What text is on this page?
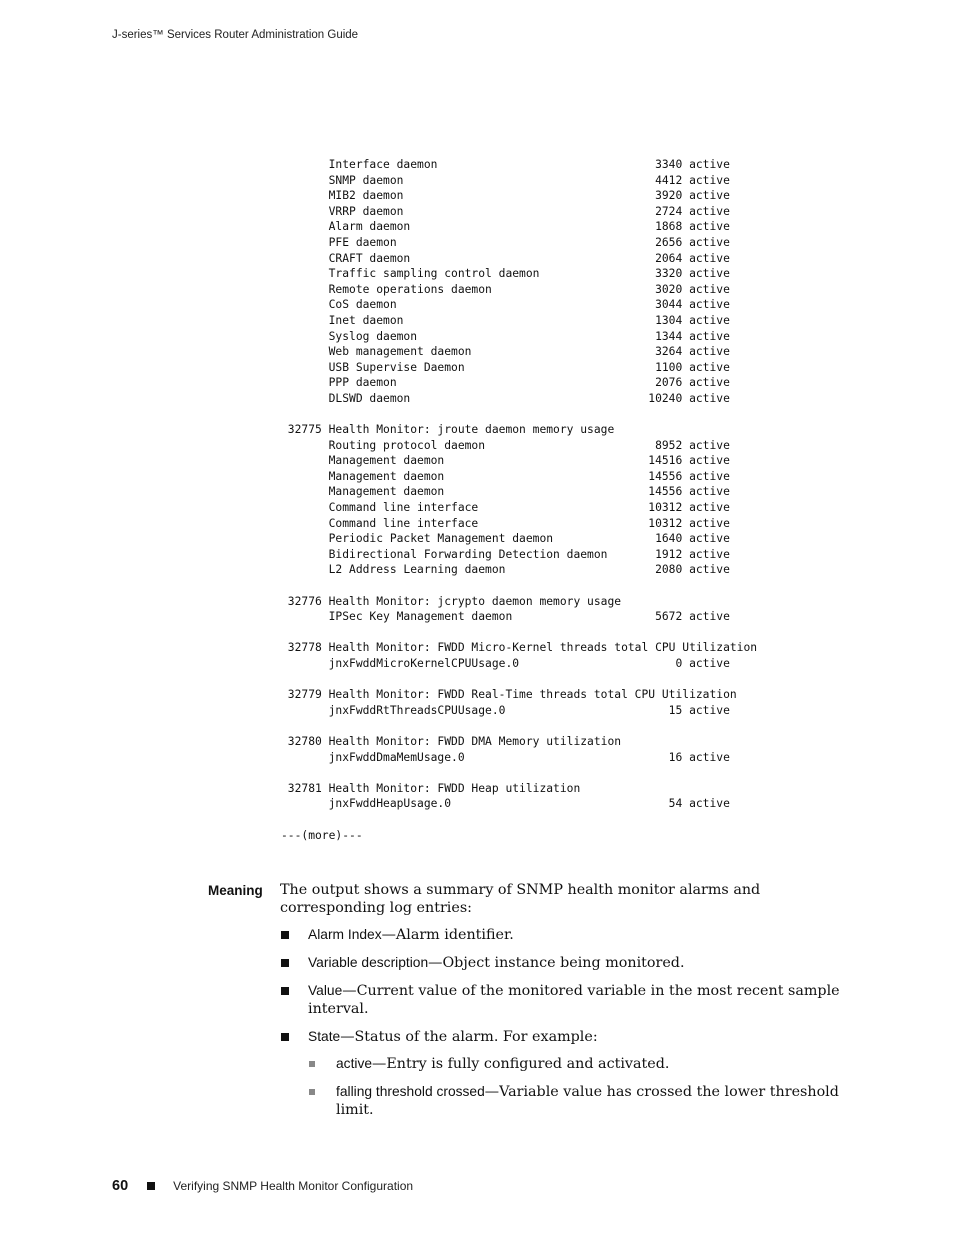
J-series™ Services Router Administration Guide
Interface daemon                                3340 active
SNMP daemon                                     4412 active
MIB2 daemon                                     3920 active
VRRP daemon                                     2724 active
Alarm daemon                                    1868 active
PFE daemon                                      2656 active
CRAFT daemon                                    2064 active
Traffic sampling control daemon                 3320 active
Remote operations daemon                        3020 active
CoS daemon                                      3044 active
Inet daemon                                     1304 active
Syslog daemon                                   1344 active
Web management daemon                           3264 active
USB Supervise Daemon                            1100 active
PPP daemon                                      2076 active
DLSWD daemon                                   10240 active

32775 Health Monitor: jroute daemon memory usage
Routing protocol daemon                         8952 active
Management daemon                              14516 active
Management daemon                              14556 active
Management daemon                              14556 active
Command line interface                         10312 active
Command line interface                         10312 active
Periodic Packet Management daemon               1640 active
Bidirectional Forwarding Detection daemon       1912 active
L2 Address Learning daemon                      2080 active

32776 Health Monitor: jcrypto daemon memory usage
IPSec Key Management daemon                     5672 active

32778 Health Monitor: FWDD Micro-Kernel threads total CPU Utilization
jnxFwddMicroKernelCPUUsage.0                       0 active

32779 Health Monitor: FWDD Real-Time threads total CPU Utilization
jnxFwddRtThreadsCPUUsage.0                        15 active

32780 Health Monitor: FWDD DMA Memory utilization
jnxFwddDmaMemUsage.0                              16 active

32781 Health Monitor: FWDD Heap utilization
jnxFwddHeapUsage.0                                54 active

---(more)---

Meaning The output shows a summary of SNMP health monitor alarms and corresponding log entries:

Alarm Index—Alarm identifier.
Variable description—Object instance being monitored.
Value—Current value of the monitored variable in the most recent sample interval.
State—Status of the alarm. For example:
active—Entry is fully configured and activated.
falling threshold crossed—Variable value has crossed the lower threshold limit.
60	Verifying SNMP Health Monitor Configuration
